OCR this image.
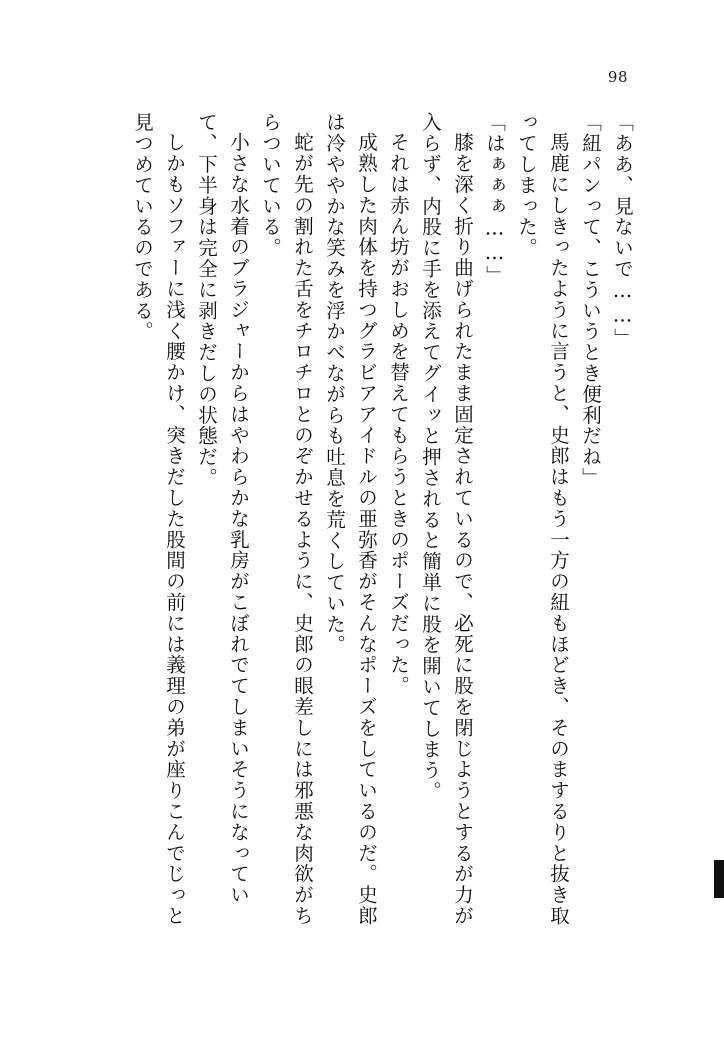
98

「ああ、見ないで……」

「紐パンって、こういうとき便利だね」

馬鹿にしきったように言うと、史郎はもう一方の紐もほどき、そのまするりと抜き取ってしまった。

「はぁぁぁ……」

膝を深く折り曲げられたまま固定されているので、必死に股を閉じようとするが力が入らず、内股に手を添えてグイッと押されると簡単に股を開いてしまう。

それは赤ん坊がおしめを替えてもらうときのポーズだった。

成熟した肉体を持つグラビアアイドルの亜弥香がそんなポーズをしているのだ。史郎は冷ややかな笑みを浮かべながらも吐息を荒くしていた。

蛇が先の割れた舌をチロチロとのぞかせるように、史郎の眼差しには邪悪な肉欲がちらついている。

小さな水着のブラジャーからはやわらかな乳房がこぼれでてしまいそうになっていて、下半身は完全に剥きだしの状態だ。

しかもソファーに浅く腰かけ、突きだした股間の前には義理の弟が座りこんでじっと見つめているのである。
